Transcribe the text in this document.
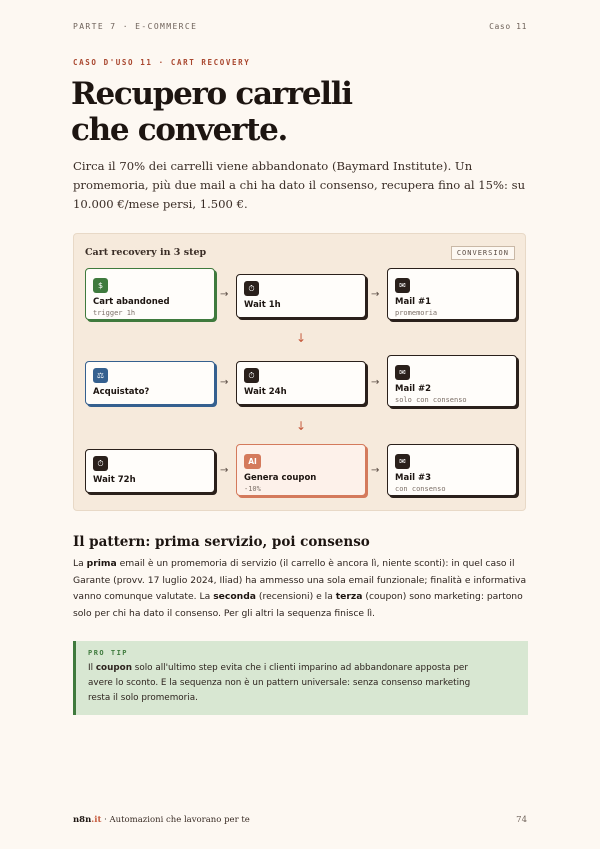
PARTE 7 · E-COMMERCE	Caso 11
CASO D'USO 11 · CART RECOVERY
Recupero carrelli
che converte.

Circa il 70% dei carrelli viene abbandonato (Baymard Institute). Un promemoria, più due mail a chi ha dato il consenso, recupera fino al 15%: su 10.000 €/mese persi, 1.500 €.

Cart recovery in 3 step	CONVERSION
$
Cart abandoned
trigger 1h
→
⏱
Wait 1h
→
✉
Mail #1
promemoria
↓
⚖
Acquistato?
→
⏱
Wait 24h
→
✉
Mail #2
solo con consenso
↓
⏱
Wait 72h
→
AI
Genera coupon
-10%
→
✉
Mail #3
con consenso
Il pattern: prima servizio, poi consenso

La prima email è un promemoria di servizio (il carrello è ancora lì, niente sconti): in quel caso il Garante (provv. 17 luglio 2024, Iliad) ha ammesso una sola email funzionale; finalità e informativa vanno comunque valutate. La seconda (recensioni) e la terza (coupon) sono marketing: partono solo per chi ha dato il consenso. Per gli altri la sequenza finisce lì.

PRO TIP
Il coupon solo all'ultimo step evita che i clienti imparino ad abbandonare apposta per avere lo sconto. E la sequenza non è un pattern universale: senza consenso marketing resta il solo promemoria.
n8n.it · Automazioni che lavorano per te	74
